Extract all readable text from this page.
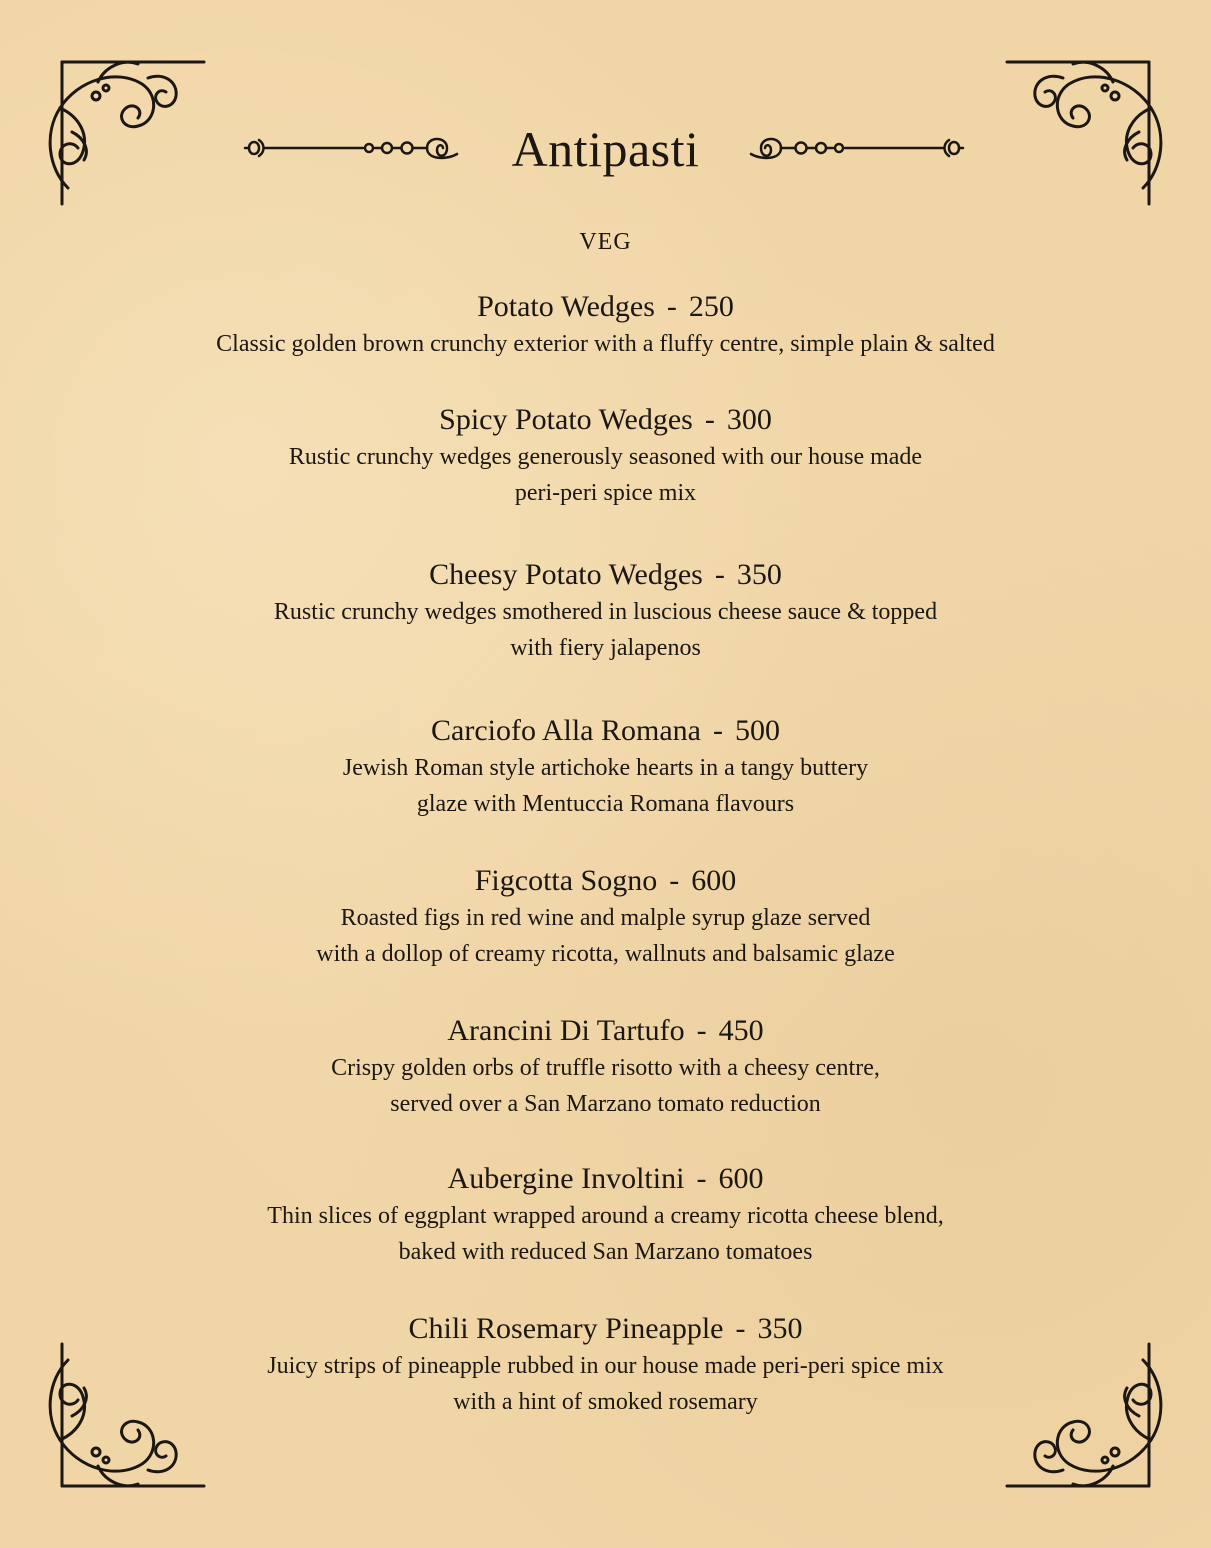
Antipasti
VEG
Potato Wedges - 250
Classic golden brown crunchy exterior with a fluffy centre, simple plain & salted
Spicy Potato Wedges - 300
Rustic crunchy wedges generously seasoned with our house made
peri-peri spice mix
Cheesy Potato Wedges - 350
Rustic crunchy wedges smothered in luscious cheese sauce & topped
with fiery jalapenos
Carciofo Alla Romana - 500
Jewish Roman style artichoke hearts in a tangy buttery
glaze with Mentuccia Romana flavours
Figcotta Sogno - 600
Roasted figs in red wine and malple syrup glaze served
with a dollop of creamy ricotta, wallnuts and balsamic glaze
Arancini Di Tartufo - 450
Crispy golden orbs of truffle risotto with a cheesy centre,
served over a San Marzano tomato reduction
Aubergine Involtini - 600
Thin slices of eggplant wrapped around a creamy ricotta cheese blend,
baked with reduced San Marzano tomatoes
Chili Rosemary Pineapple - 350
Juicy strips of pineapple rubbed in our house made peri-peri spice mix
with a hint of smoked rosemary
